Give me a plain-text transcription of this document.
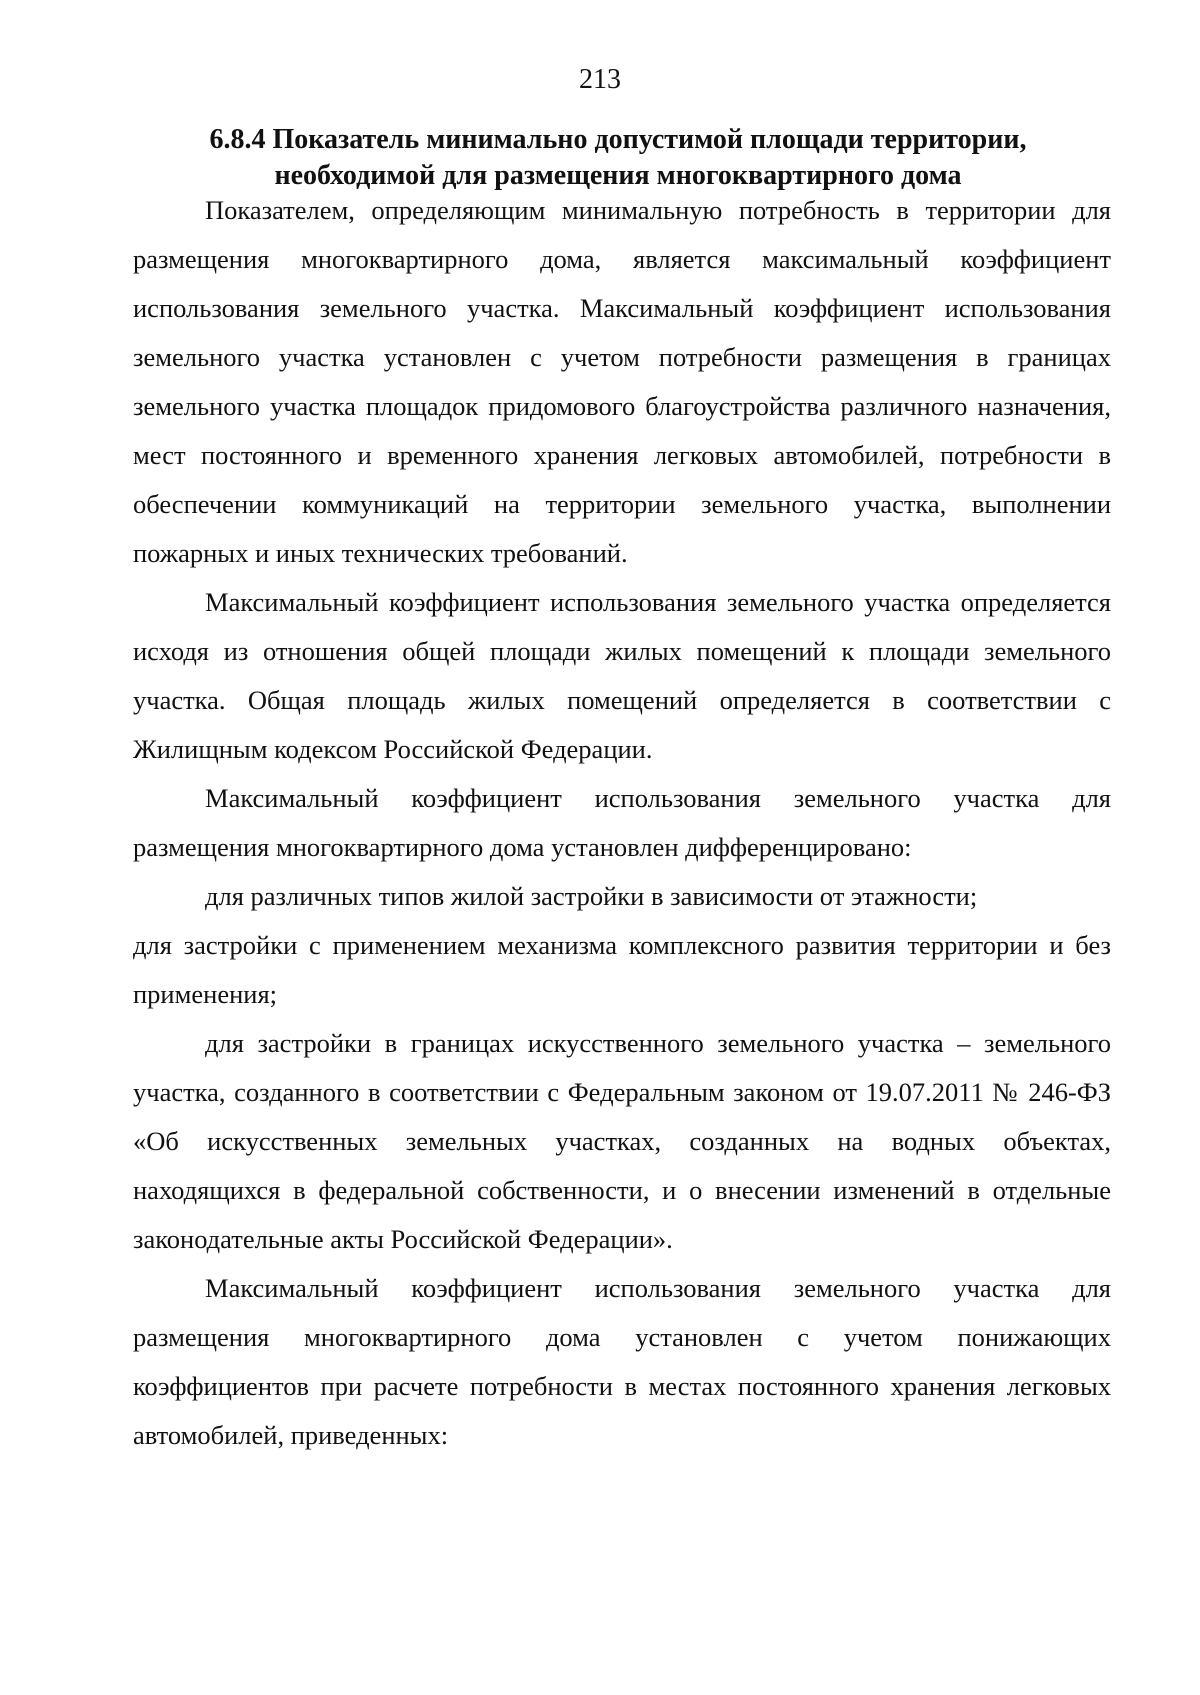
213
6.8.4 Показатель минимально допустимой площади территории,
необходимой для размещения многоквартирного дома

Показателем, определяющим минимальную потребность в территории для размещения многоквартирного дома, является максимальный коэффициент использования земельного участка. Максимальный коэффициент использования земельного участка установлен с учетом потребности размещения в границах земельного участка площадок придомового благоустройства различного назначения, мест постоянного и временного хранения легковых автомобилей, потребности в обеспечении коммуникаций на территории земельного участка, выполнении пожарных и иных технических требований.

Максимальный коэффициент использования земельного участка определяется исходя из отношения общей площади жилых помещений к площади земельного участка. Общая площадь жилых помещений определяется в соответствии с Жилищным кодексом Российской Федерации.

Максимальный коэффициент использования земельного участка для размещения многоквартирного дома установлен дифференцировано:

для различных типов жилой застройки в зависимости от этажности;

для застройки с применением механизма комплексного развития территории и без применения;

для застройки в границах искусственного земельного участка – земельного участка, созданного в соответствии с Федеральным законом от 19.07.2011 № 246-ФЗ «Об искусственных земельных участках, созданных на водных объектах, находящихся в федеральной собственности, и о внесении изменений в отдельные законодательные акты Российской Федерации».

Максимальный коэффициент использования земельного участка для размещения многоквартирного дома установлен с учетом понижающих коэффициентов при расчете потребности в местах постоянного хранения легковых автомобилей, приведенных:
